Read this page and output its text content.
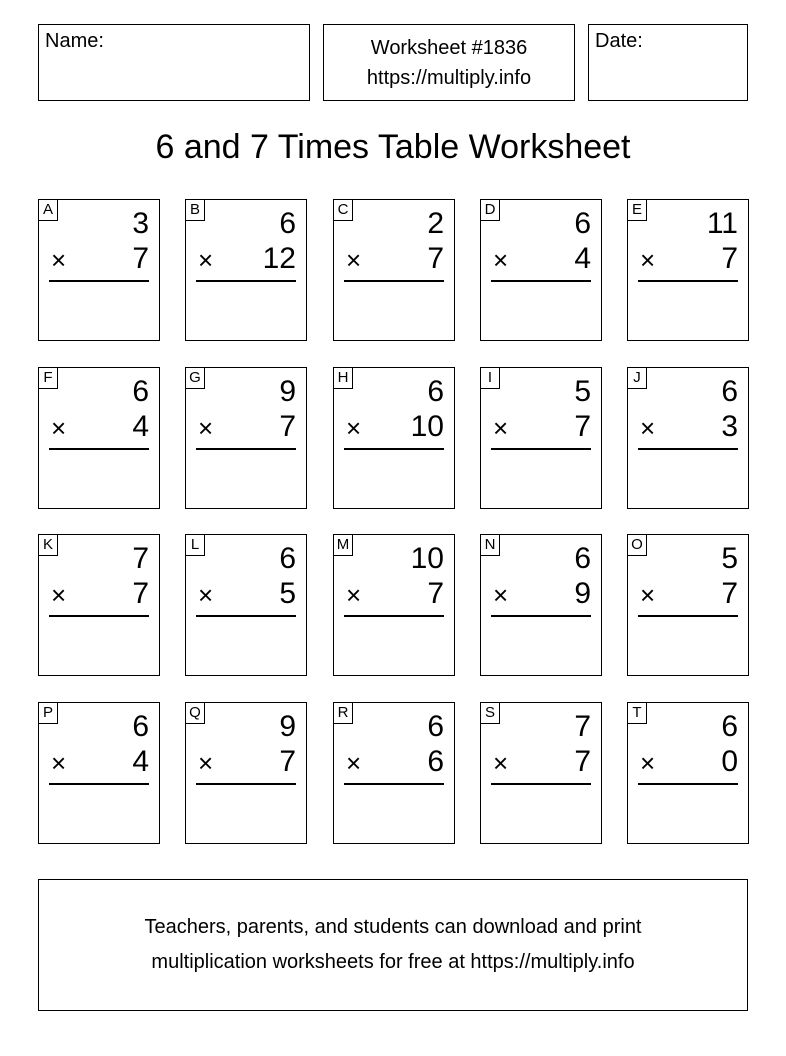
Name:	Worksheet #1836
https://multiply.info
Date:
6 and 7 Times Table Worksheet
A	3
× 7
B	6
× 12
C	2
× 7
D	6
× 4
E 11
× 7
F	6
× 4
G	9
× 7
H	6
× 10
I	5
× 7
J	6
× 3
K	7
× 7
L	6
× 5
M 10
× 7
N	6
× 9
O	5
× 7
P	6
× 4
Q	9
× 7
R	6
× 6
S	7
× 7
T	6
× 0
Teachers, parents, and students can download and print
multiplication worksheets for free at https://multiply.info
